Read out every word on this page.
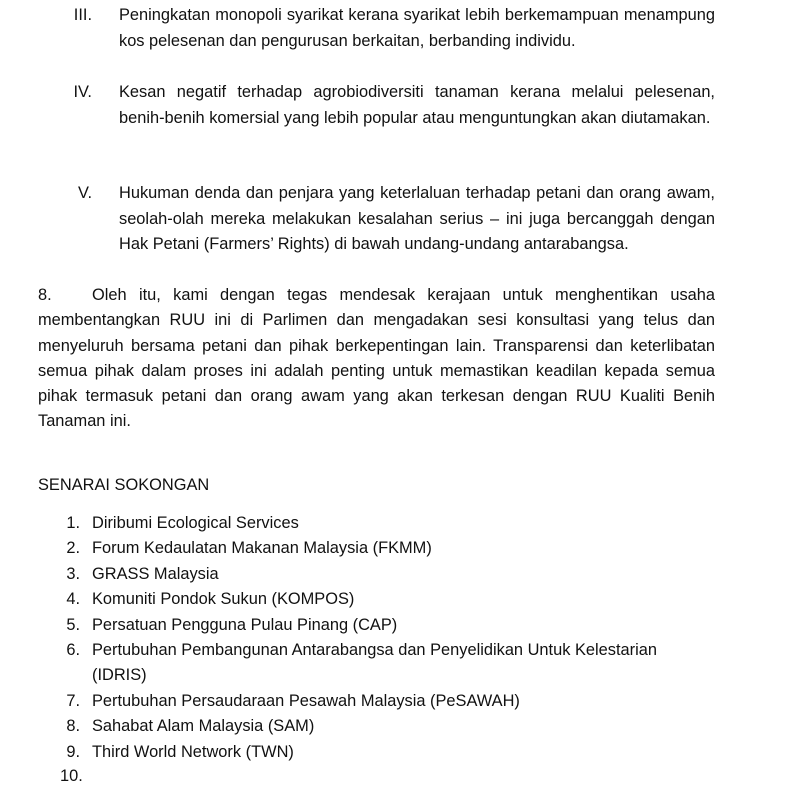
III. Peningkatan monopoli syarikat kerana syarikat lebih berkemampuan menampung kos pelesenan dan pengurusan berkaitan, berbanding individu.
IV. Kesan negatif terhadap agrobiodiversiti tanaman kerana melalui pelesenan, benih-benih komersial yang lebih popular atau menguntungkan akan diutamakan.
V. Hukuman denda dan penjara yang keterlaluan terhadap petani dan orang awam, seolah-olah mereka melakukan kesalahan serius – ini juga bercanggah dengan Hak Petani (Farmers’ Rights) di bawah undang-undang antarabangsa.
8. Oleh itu, kami dengan tegas mendesak kerajaan untuk menghentikan usaha membentangkan RUU ini di Parlimen dan mengadakan sesi konsultasi yang telus dan menyeluruh bersama petani dan pihak berkepentingan lain. Transparensi dan keterlibatan semua pihak dalam proses ini adalah penting untuk memastikan keadilan kepada semua pihak termasuk petani dan orang awam yang akan terkesan dengan RUU Kualiti Benih Tanaman ini.
SENARAI SOKONGAN
1. Diribumi Ecological Services
2. Forum Kedaulatan Makanan Malaysia (FKMM)
3. GRASS Malaysia
4. Komuniti Pondok Sukun (KOMPOS)
5. Persatuan Pengguna Pulau Pinang (CAP)
6. Pertubuhan Pembangunan Antarabangsa dan Penyelidikan Untuk Kelestarian (IDRIS)
7. Pertubuhan Persaudaraan Pesawah Malaysia (PeSAWAH)
8. Sahabat Alam Malaysia (SAM)
9. Third World Network (TWN)
10.
